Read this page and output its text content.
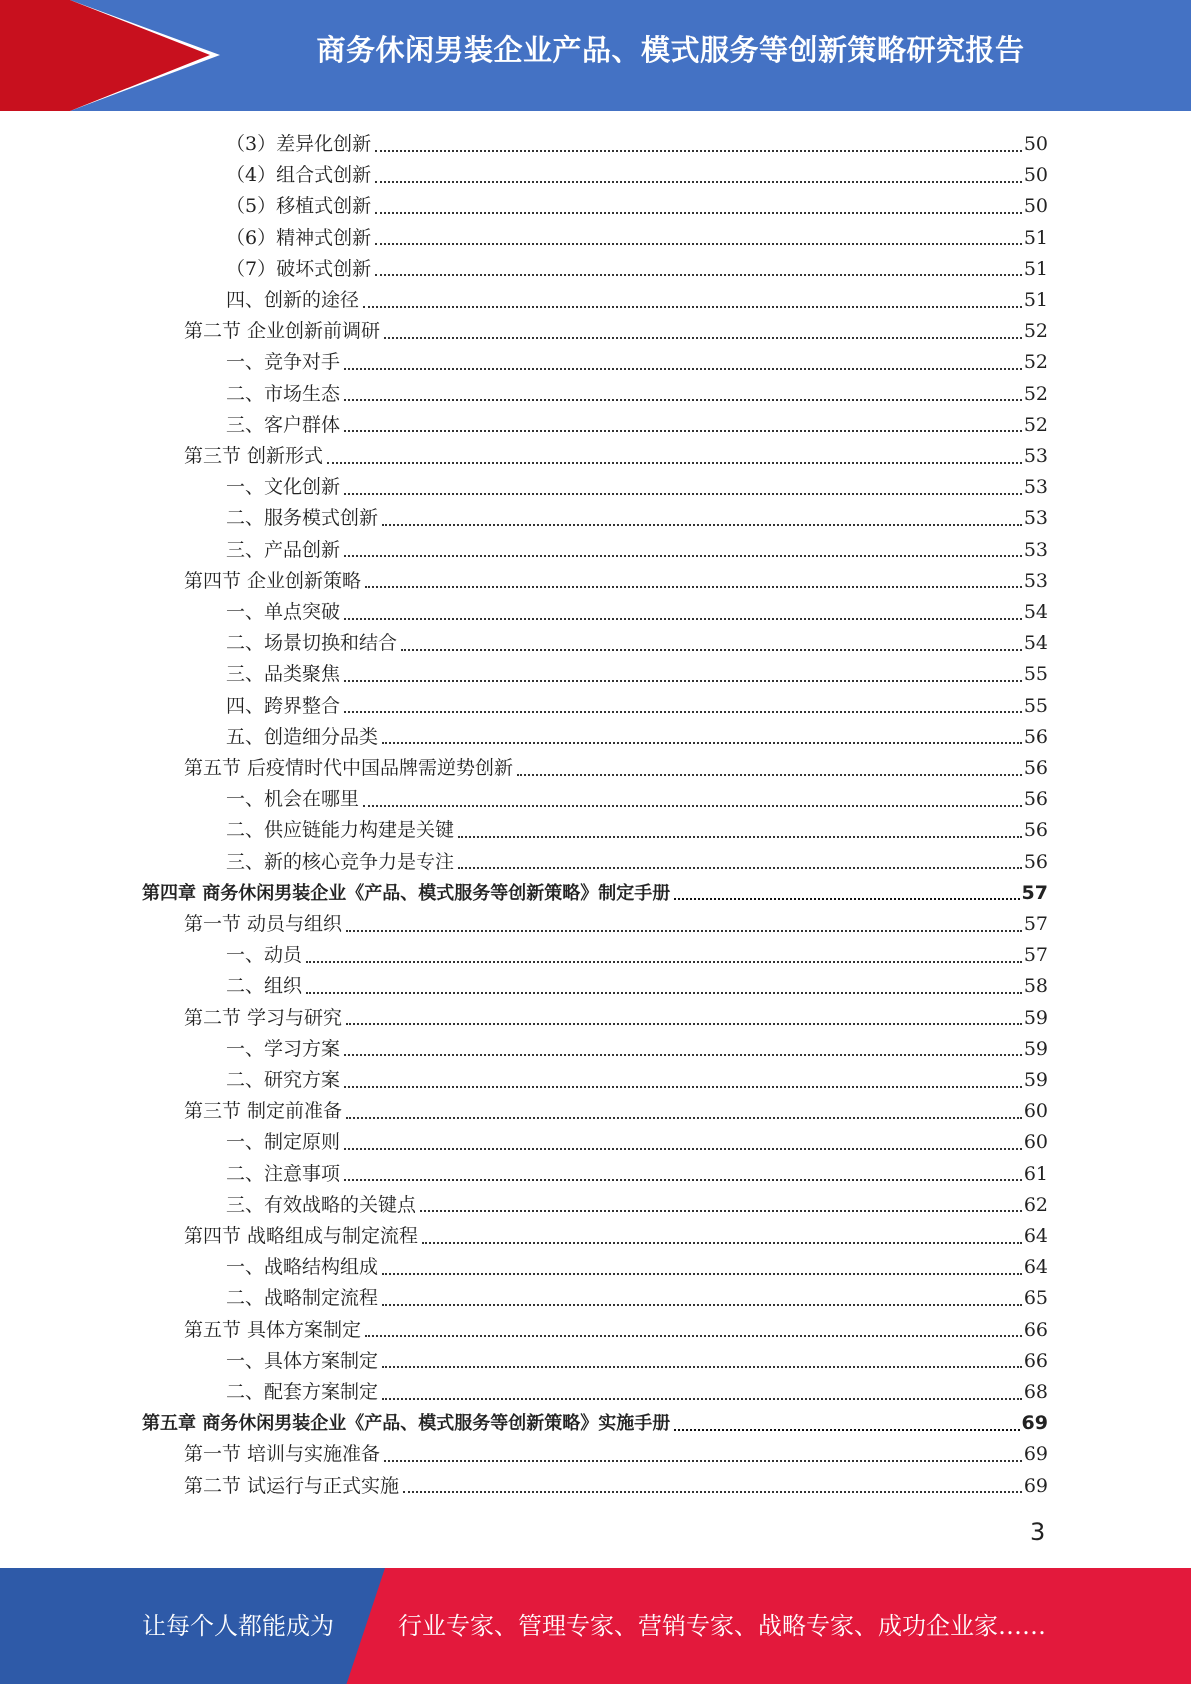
商务休闲男装企业产品、模式服务等创新策略研究报告
（3）差异化创新	50
（4）组合式创新	50
（5）移植式创新	50
（6）精神式创新	51
（7）破坏式创新	51
四、创新的途径	51
第二节 企业创新前调研	52
一、竞争对手	52
二、市场生态	52
三、客户群体	52
第三节 创新形式	53
一、文化创新	53
二、服务模式创新	53
三、产品创新	53
第四节 企业创新策略	53
一、单点突破	54
二、场景切换和结合	54
三、品类聚焦	55
四、跨界整合	55
五、创造细分品类	56
第五节 后疫情时代中国品牌需逆势创新	56
一、机会在哪里	56
二、供应链能力构建是关键	56
三、新的核心竞争力是专注	56
第四章 商务休闲男装企业《产品、模式服务等创新策略》制定手册	57
第一节 动员与组织	57
一、动员	57
二、组织	58
第二节 学习与研究	59
一、学习方案	59
二、研究方案	59
第三节 制定前准备	60
一、制定原则	60
二、注意事项	61
三、有效战略的关键点	62
第四节 战略组成与制定流程	64
一、战略结构组成	64
二、战略制定流程	65
第五节 具体方案制定	66
一、具体方案制定	66
二、配套方案制定	68
第五章 商务休闲男装企业《产品、模式服务等创新策略》实施手册	69
第一节 培训与实施准备	69
第二节 试运行与正式实施	69
3
让每个人都能成为	行业专家、管理专家、营销专家、战略专家、成功企业家……
